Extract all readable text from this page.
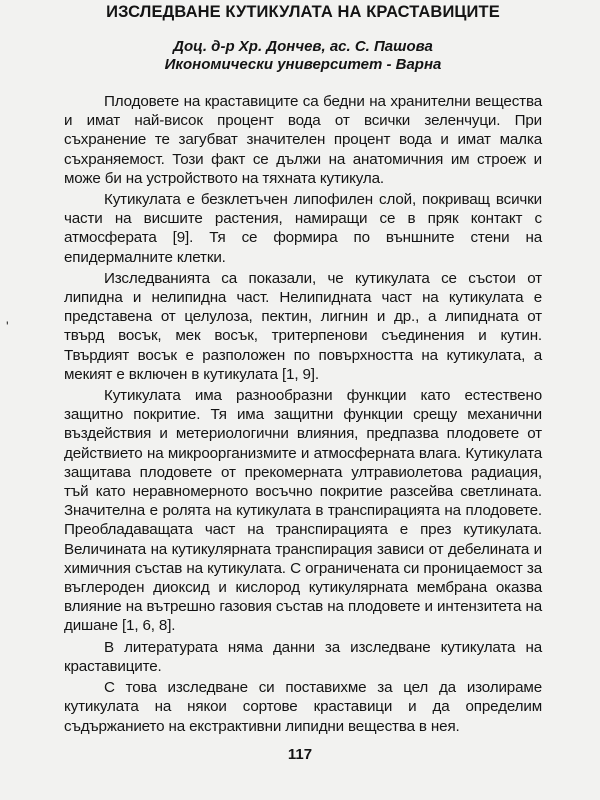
ИЗСЛЕДВАНЕ КУТИКУЛАТА НА КРАСТАВИЦИТЕ
Доц. д-р Хр. Дончев, ас. С. Пашова
Икономически университет - Варна

Плодовете на краставиците са бедни на хранителни вещества и имат най-висок процент вода от всички зеленчуци. При съхранение те загубват значителен процент вода и имат малка съхраняемост. Този факт се дължи на анатомичния им строеж и може би на устройството на тяхната кутикула.

Кутикулата е безклетъчен липофилен слой, покриващ всички части на висшите растения, намиращи се в пряк контакт с атмосферата [9]. Тя се формира по външните стени на епидермалните клетки.

Изследванията са показали, че кутикулата се състои от липидна и нелипидна част. Нелипидната част на кутикулата е представена от целулоза, пектин, лигнин и др., а липидната от твърд восък, мек восък, тритерпенови съединения и кутин. Твърдият восък е разположен по повърхността на кутикулата, а мекият е включен в кутикулата [1, 9].

Кутикулата има разнообразни функции като естествено защитно покритие. Тя има защитни функции срещу механични въздействия и метериологични влияния, предпазва плодовете от действието на микроорганизмите и атмосферната влага. Кутикулата защитава плодовете от прекомерната ултравиолетова радиация, тъй като неравномерното восъчно покритие разсейва светлината. Значителна е ролята на кутикулата в транспирацията на плодовете. Преобладаващата част на транспирацията е през кутикулата. Величината на кутикулярната транспирация зависи от дебелината и химичния състав на кутикулата. С ограничената си проницаемост за въглероден диоксид и кислород кутикулярната мембрана оказва влияние на вътрешно газовия състав на плодовете и интензитета на дишане [1, 6, 8].

В литературата няма данни за изследване кутикулата на краставиците.

С това изследване си поставихме за цел да изолираме кутикулата на някои сортове краставици и да определим съдържанието на екстрактивни липидни вещества в нея.

'
117
